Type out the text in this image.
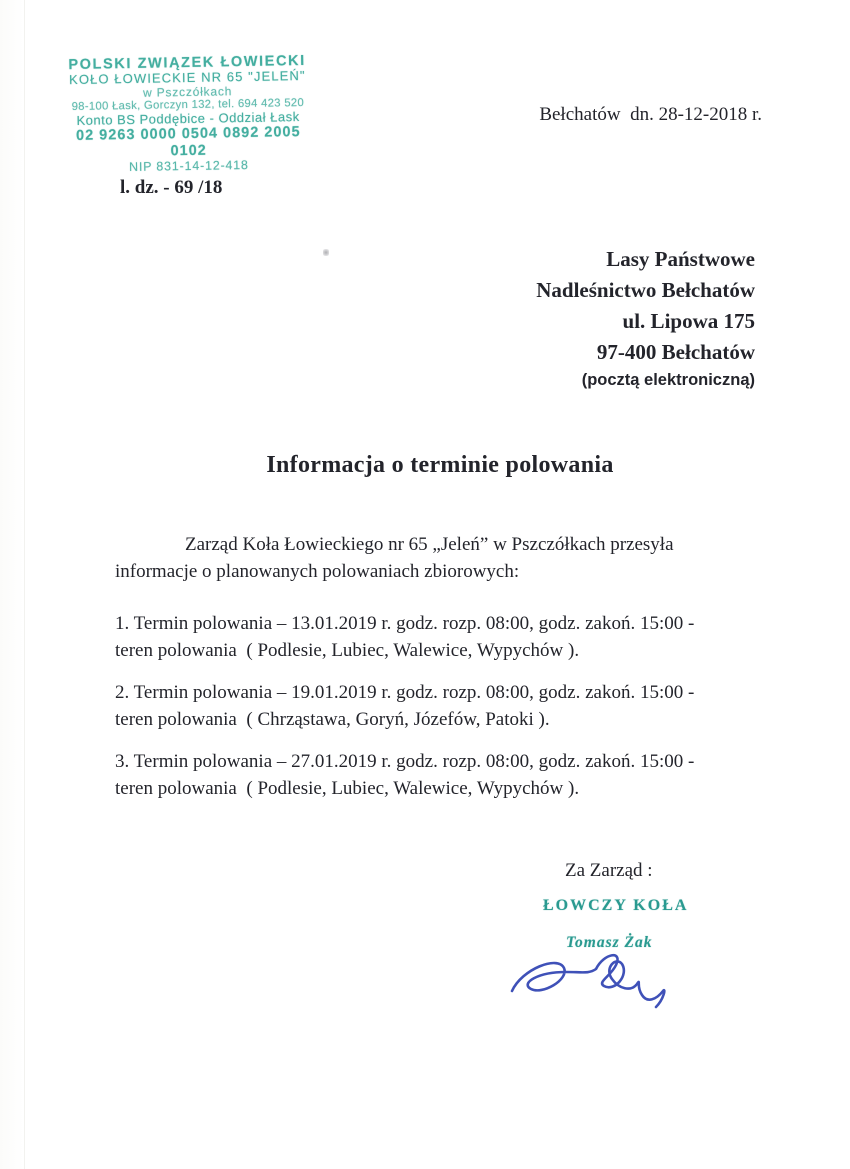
POLSKI ZWIĄZEK ŁOWIECKI
KOŁO ŁOWIECKIE NR 65 "JELEŃ"
w Pszczółkach
98-100 Łask, Gorczyn 132, tel. 694 423 520
Konto BS Poddębice - Oddział Łask
02 9263 0000 0504 0892 2005 0102
NIP 831-14-12-418
Bełchatów  dn. 28-12-2018 r.
l. dz. - 69 /18
Lasy Państwowe
Nadleśnictwo Bełchatów
ul. Lipowa 175
97-400 Bełchatów
(pocztą elektroniczną)
Informacja o terminie polowania
Zarząd Koła Łowieckiego nr 65 „Jeleń” w Pszczółkach przesyła
informacje o planowanych polowaniach zbiorowych:
1. Termin polowania – 13.01.2019 r. godz. rozp. 08:00, godz. zakoń. 15:00 -
teren polowania  ( Podlesie, Lubiec, Walewice, Wypychów ).
2. Termin polowania – 19.01.2019 r. godz. rozp. 08:00, godz. zakoń. 15:00 -
teren polowania  ( Chrząstawa, Goryń, Józefów, Patoki ).
3. Termin polowania – 27.01.2019 r. godz. rozp. 08:00, godz. zakoń. 15:00 -
teren polowania  ( Podlesie, Lubiec, Walewice, Wypychów ).
Za Zarząd :
ŁOWCZY KOŁA
Tomasz Żak
